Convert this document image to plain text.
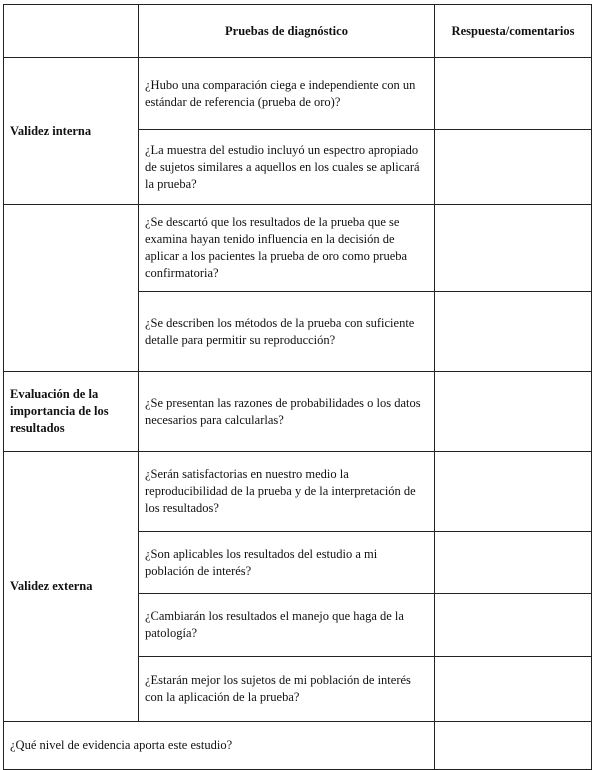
	Pruebas de diagnóstico	Respuesta/comentarios
Validez interna	¿Hubo una comparación ciega e independiente con un estándar de referencia (prueba de oro)?	
	¿La muestra del estudio incluyó un espectro apropiado de sujetos similares a aquellos en los cuales se aplicará la prueba?	
	¿Se descartó que los resultados de la prueba que se examina hayan tenido influencia en la decisión de aplicar a los pacientes la prueba de oro como prueba confirmatoria?	
	¿Se describen los métodos de la prueba con suficiente detalle para permitir su reproducción?	
Evaluación de la importancia de los resultados	¿Se presentan las razones de probabilidades o los datos necesarios para calcularlas?	
Validez externa	¿Serán satisfactorias en nuestro medio la reproducibilidad de la prueba y de la interpretación de los resultados?	
	¿Son aplicables los resultados del estudio a mi población de interés?	
	¿Cambiarán los resultados el manejo que haga de la patología?	
	¿Estarán mejor los sujetos de mi población de interés con la aplicación de la prueba?	
¿Qué nivel de evidencia aporta este estudio?		
